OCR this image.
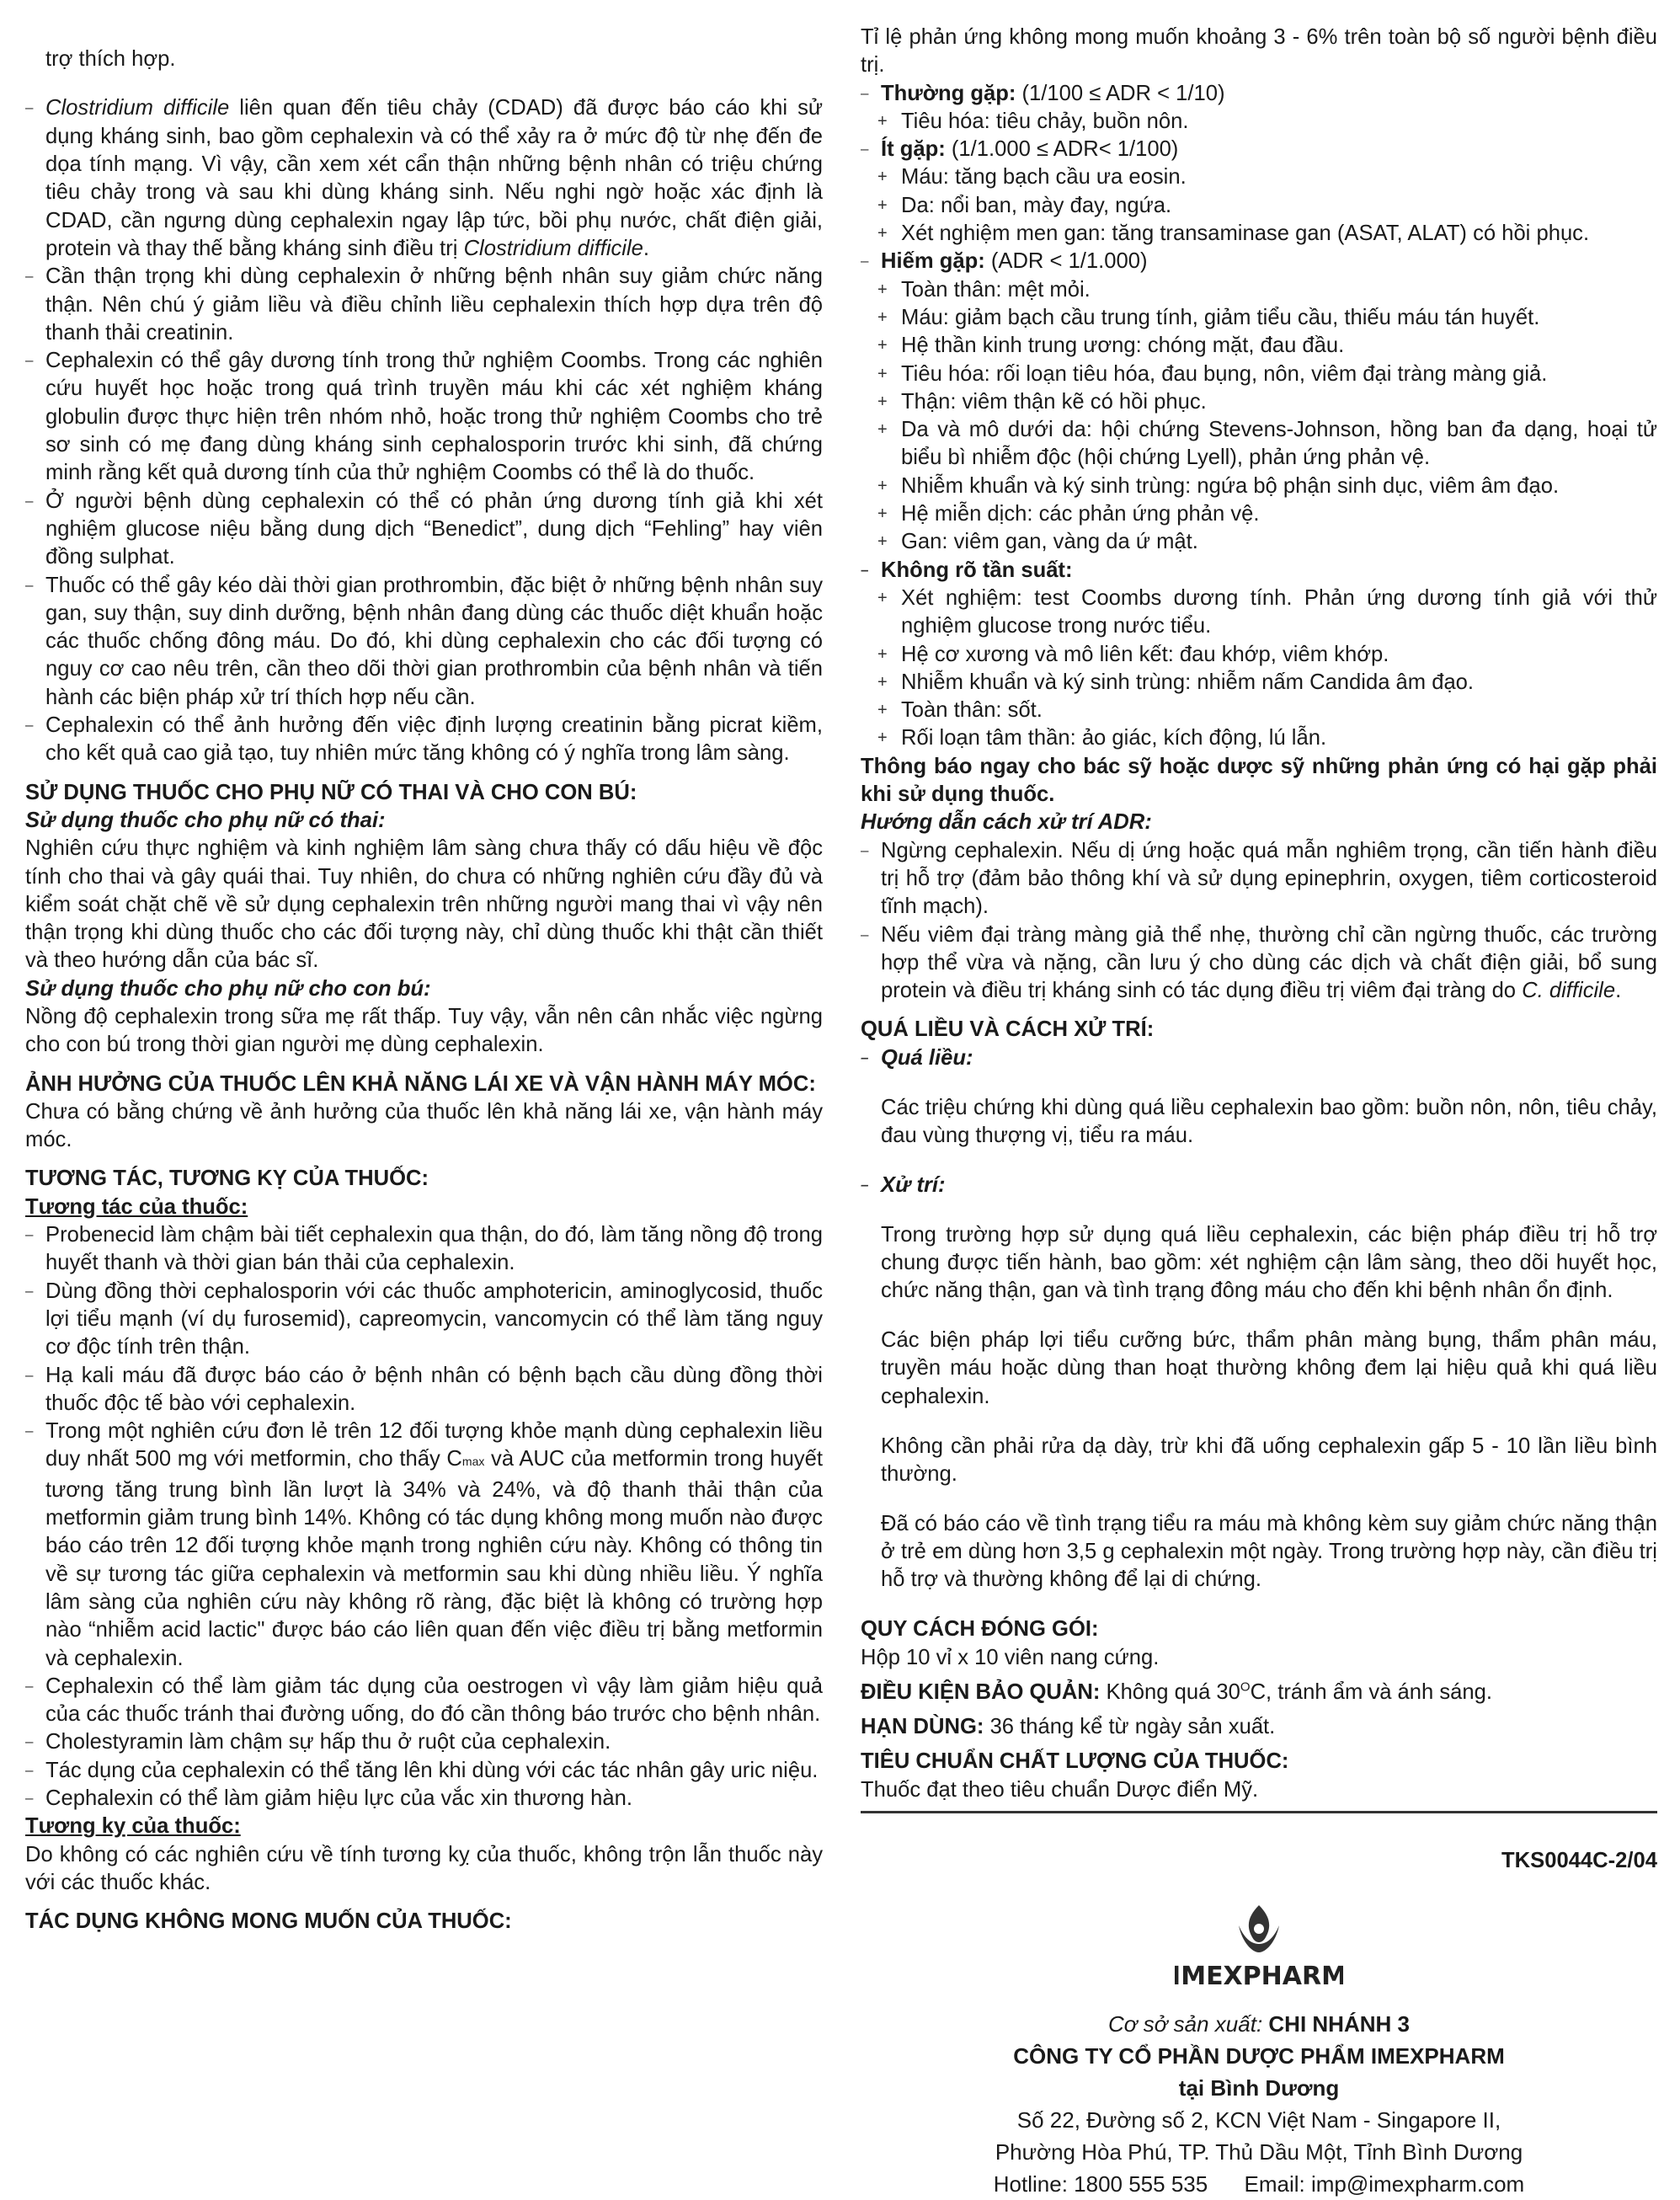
trợ thích hợp.

– Clostridium difficile liên quan đến tiêu chảy (CDAD) đã được báo cáo khi sử dụng kháng sinh, bao gồm cephalexin và có thể xảy ra ở mức độ từ nhẹ đến đe dọa tính mạng. Vì vậy, cần xem xét cẩn thận những bệnh nhân có triệu chứng tiêu chảy trong và sau khi dùng kháng sinh. Nếu nghi ngờ hoặc xác định là CDAD, cần ngưng dùng cephalexin ngay lập tức, bồi phụ nước, chất điện giải, protein và thay thế bằng kháng sinh điều trị Clostridium difficile.
– Cần thận trọng khi dùng cephalexin ở những bệnh nhân suy giảm chức năng thận. Nên chú ý giảm liều và điều chỉnh liều cephalexin thích hợp dựa trên độ thanh thải creatinin.
– Cephalexin có thể gây dương tính trong thử nghiệm Coombs. Trong các nghiên cứu huyết học hoặc trong quá trình truyền máu khi các xét nghiệm kháng globulin được thực hiện trên nhóm nhỏ, hoặc trong thử nghiệm Coombs cho trẻ sơ sinh có mẹ đang dùng kháng sinh cephalosporin trước khi sinh, đã chứng minh rằng kết quả dương tính của thử nghiệm Coombs có thể là do thuốc.
– Ở người bệnh dùng cephalexin có thể có phản ứng dương tính giả khi xét nghiệm glucose niệu bằng dung dịch “Benedict”, dung dịch “Fehling” hay viên đồng sulphat.
– Thuốc có thể gây kéo dài thời gian prothrombin, đặc biệt ở những bệnh nhân suy gan, suy thận, suy dinh dưỡng, bệnh nhân đang dùng các thuốc diệt khuẩn hoặc các thuốc chống đông máu. Do đó, khi dùng cephalexin cho các đối tượng có nguy cơ cao nêu trên, cần theo dõi thời gian prothrombin của bệnh nhân và tiến hành các biện pháp xử trí thích hợp nếu cần.
– Cephalexin có thể ảnh hưởng đến việc định lượng creatinin bằng picrat kiềm, cho kết quả cao giả tạo, tuy nhiên mức tăng không có ý nghĩa trong lâm sàng.
SỬ DỤNG THUỐC CHO PHỤ NỮ CÓ THAI VÀ CHO CON BÚ:
Sử dụng thuốc cho phụ nữ có thai:

Nghiên cứu thực nghiệm và kinh nghiệm lâm sàng chưa thấy có dấu hiệu về độc tính cho thai và gây quái thai. Tuy nhiên, do chưa có những nghiên cứu đầy đủ và kiểm soát chặt chẽ về sử dụng cephalexin trên những người mang thai vì vậy nên thận trọng khi dùng thuốc cho các đối tượng này, chỉ dùng thuốc khi thật cần thiết và theo hướng dẫn của bác sĩ.

Sử dụng thuốc cho phụ nữ cho con bú:

Nồng độ cephalexin trong sữa mẹ rất thấp. Tuy vậy, vẫn nên cân nhắc việc ngừng cho con bú trong thời gian người mẹ dùng cephalexin.

ẢNH HƯỞNG CỦA THUỐC LÊN KHẢ NĂNG LÁI XE VÀ VẬN HÀNH MÁY MÓC:

Chưa có bằng chứng về ảnh hưởng của thuốc lên khả năng lái xe, vận hành máy móc.

TƯƠNG TÁC, TƯƠNG KỴ CỦA THUỐC:
Tương tác của thuốc:
– Probenecid làm chậm bài tiết cephalexin qua thận, do đó, làm tăng nồng độ trong huyết thanh và thời gian bán thải của cephalexin.
– Dùng đồng thời cephalosporin với các thuốc amphotericin, aminoglycosid, thuốc lợi tiểu mạnh (ví dụ furosemid), capreomycin, vancomycin có thể làm tăng nguy cơ độc tính trên thận.
– Hạ kali máu đã được báo cáo ở bệnh nhân có bệnh bạch cầu dùng đồng thời thuốc độc tế bào với cephalexin.
– Trong một nghiên cứu đơn lẻ trên 12 đối tượng khỏe mạnh dùng cephalexin liều duy nhất 500 mg với metformin, cho thấy Cmax và AUC của metformin trong huyết tương tăng trung bình lần lượt là 34% và 24%, và độ thanh thải thận của metformin giảm trung bình 14%. Không có tác dụng không mong muốn nào được báo cáo trên 12 đối tượng khỏe mạnh trong nghiên cứu này. Không có thông tin về sự tương tác giữa cephalexin và metformin sau khi dùng nhiều liều. Ý nghĩa lâm sàng của nghiên cứu này không rõ ràng, đặc biệt là không có trường hợp nào “nhiễm acid lactic" được báo cáo liên quan đến việc điều trị bằng metformin và cephalexin.
– Cephalexin có thể làm giảm tác dụng của oestrogen vì vậy làm giảm hiệu quả của các thuốc tránh thai đường uống, do đó cần thông báo trước cho bệnh nhân.
– Cholestyramin làm chậm sự hấp thu ở ruột của cephalexin.
– Tác dụng của cephalexin có thể tăng lên khi dùng với các tác nhân gây uric niệu.
– Cephalexin có thể làm giảm hiệu lực của vắc xin thương hàn.
Tương kỵ của thuốc:

Do không có các nghiên cứu về tính tương kỵ của thuốc, không trộn lẫn thuốc này với các thuốc khác.

TÁC DỤNG KHÔNG MONG MUỐN CỦA THUỐC:

Tỉ lệ phản ứng không mong muốn khoảng 3 - 6% trên toàn bộ số người bệnh điều trị.

– Thường gặp: (1/100 ≤ ADR < 1/10)
+ Tiêu hóa: tiêu chảy, buồn nôn.
– Ít gặp: (1/1.000 ≤ ADR< 1/100)
+ Máu: tăng bạch cầu ưa eosin.
+ Da: nổi ban, mày đay, ngứa.
+ Xét nghiệm men gan: tăng transaminase gan (ASAT, ALAT) có hồi phục.
– Hiếm gặp: (ADR < 1/1.000)
+ Toàn thân: mệt mỏi.
+ Máu: giảm bạch cầu trung tính, giảm tiểu cầu, thiếu máu tán huyết.
+ Hệ thần kinh trung ương: chóng mặt, đau đầu.
+ Tiêu hóa: rối loạn tiêu hóa, đau bụng, nôn, viêm đại tràng màng giả.
+ Thận: viêm thận kẽ có hồi phục.
+ Da và mô dưới da: hội chứng Stevens-Johnson, hồng ban đa dạng, hoại tử biểu bì nhiễm độc (hội chứng Lyell), phản ứng phản vệ.
+ Nhiễm khuẩn và ký sinh trùng: ngứa bộ phận sinh dục, viêm âm đạo.
+ Hệ miễn dịch: các phản ứng phản vệ.
+ Gan: viêm gan, vàng da ứ mật.
– Không rõ tần suất:
+ Xét nghiệm: test Coombs dương tính. Phản ứng dương tính giả với thử nghiệm glucose trong nước tiểu.
+ Hệ cơ xương và mô liên kết: đau khớp, viêm khớp.
+ Nhiễm khuẩn và ký sinh trùng: nhiễm nấm Candida âm đạo.
+ Toàn thân: sốt.
+ Rối loạn tâm thần: ảo giác, kích động, lú lẫn.

Thông báo ngay cho bác sỹ hoặc dược sỹ những phản ứng có hại gặp phải khi sử dụng thuốc.

Hướng dẫn cách xử trí ADR:
– Ngừng cephalexin. Nếu dị ứng hoặc quá mẫn nghiêm trọng, cần tiến hành điều trị hỗ trợ (đảm bảo thông khí và sử dụng epinephrin, oxygen, tiêm corticosteroid tĩnh mạch).
– Nếu viêm đại tràng màng giả thể nhẹ, thường chỉ cần ngừng thuốc, các trường hợp thể vừa và nặng, cần lưu ý cho dùng các dịch và chất điện giải, bổ sung protein và điều trị kháng sinh có tác dụng điều trị viêm đại tràng do C. difficile.
QUÁ LIỀU VÀ CÁCH XỬ TRÍ:
– Quá liều:

Các triệu chứng khi dùng quá liều cephalexin bao gồm: buồn nôn, nôn, tiêu chảy, đau vùng thượng vị, tiểu ra máu.

– Xử trí:

Trong trường hợp sử dụng quá liều cephalexin, các biện pháp điều trị hỗ trợ chung được tiến hành, bao gồm: xét nghiệm cận lâm sàng, theo dõi huyết học, chức năng thận, gan và tình trạng đông máu cho đến khi bệnh nhân ổn định.

Các biện pháp lợi tiểu cưỡng bức, thẩm phân màng bụng, thẩm phân máu, truyền máu hoặc dùng than hoạt thường không đem lại hiệu quả khi quá liều cephalexin.

Không cần phải rửa dạ dày, trừ khi đã uống cephalexin gấp 5 - 10 lần liều bình thường.

Đã có báo cáo về tình trạng tiểu ra máu mà không kèm suy giảm chức năng thận ở trẻ em dùng hơn 3,5 g cephalexin một ngày. Trong trường hợp này, cần điều trị hỗ trợ và thường không để lại di chứng.

QUY CÁCH ĐÓNG GÓI:

Hộp 10 vỉ x 10 viên nang cứng.

ĐIỀU KIỆN BẢO QUẢN: Không quá $30^OC$, tránh ẩm và ánh sáng.
HẠN DÙNG: 36 tháng kể từ ngày sản xuất.
TIÊU CHUẨN CHẤT LƯỢNG CỦA THUỐC:

Thuốc đạt theo tiêu chuẩn Dược điển Mỹ.

TKS0044C-2/04
IMEXPHARM
Cơ sở sản xuất: CHI NHÁNH 3
CÔNG TY CỔ PHẦN DƯỢC PHẨM IMEXPHARM
tại Bình Dương
Số 22, Đường số 2, KCN Việt Nam - Singapore II,
Phường Hòa Phú, TP. Thủ Dầu Một, Tỉnh Bình Dương
Hotline: 1800 555 535      Email: imp@imexpharm.com
